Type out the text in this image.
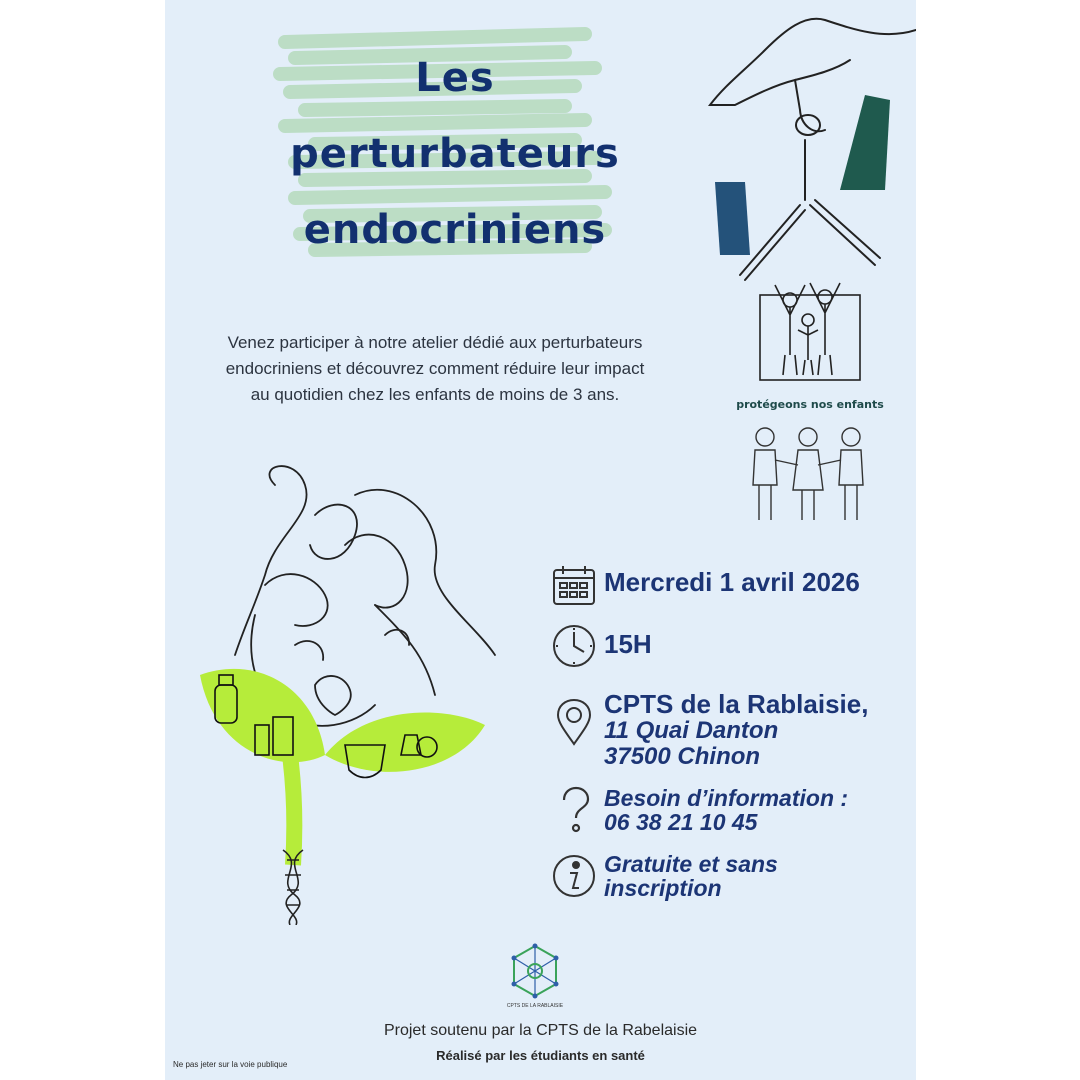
Les
perturbateurs
endocriniens
protégeons nos enfants
Venez participer à notre atelier dédié aux perturbateurs
endocriniens et découvrez comment réduire leur impact
au quotidien chez les enfants de moins de 3 ans.
Mercredi 1 avril 2026
15H
CPTS de la Rablaisie,
11 Quai Danton
37500 Chinon
Besoin d’information :
06 38 21 10 45
Gratuite et sans
inscription
CPTS DE LA RABLAISIE
Projet soutenu par la CPTS de la Rabelaisie
Réalisé par les étudiants en santé
Ne pas jeter sur la voie publique
